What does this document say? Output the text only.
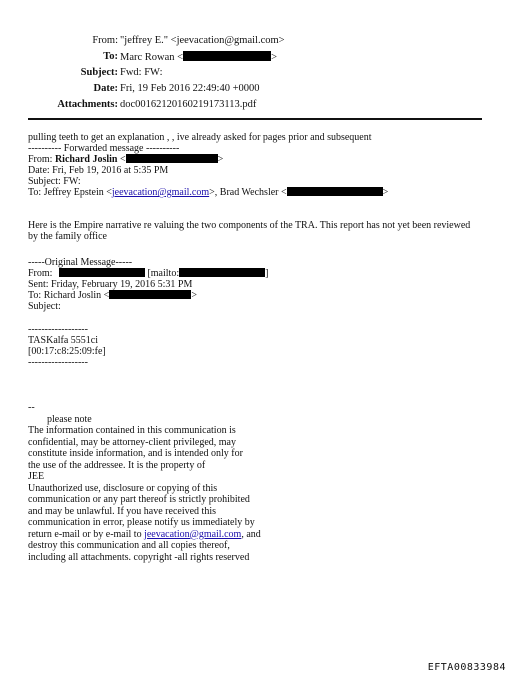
From: "jeffrey E." <jeevacation@gmail.com>
To: Marc Rowan <	>
Subject: Fwd: FW:
Date: Fri, 19 Feb 2016 22:49:40 +0000
Attachments: doc00162120160219173113.pdf
pulling teeth to get an explanation , , ive already asked for pages prior and subsequent
---------- Forwarded message ----------
From: Richard Joslin <	>
Date: Fri, Feb 19, 2016 at 5:35 PM
Subject: FW:
To: Jeffrey Epstein <jeevacation@gmail.com>, Brad Wechsler <	>
Here is the Empire narrative re valuing the two components of the TRA. This report has not yet been reviewed
by the family office
-----Original Message-----
From:	[mailto:	]
Sent: Friday, February 19, 2016 5:31 PM
To: Richard Joslin <	>
Subject:
------------------
TASKalfa 5551ci
[00:17:c8:25:09:fe]
------------------
--
please note
The information contained in this communication is
confidential, may be attorney-client privileged, may
constitute inside information, and is intended only for
the use of the addressee. It is the property of
JEE
Unauthorized use, disclosure or copying of this
communication or any part thereof is strictly prohibited
and may be unlawful. If you have received this
communication in error, please notify us immediately by
return e-mail or by e-mail to jeevacation@gmail.com, and
destroy this communication and all copies thereof,
including all attachments. copyright -all rights reserved
EFTA00833984
